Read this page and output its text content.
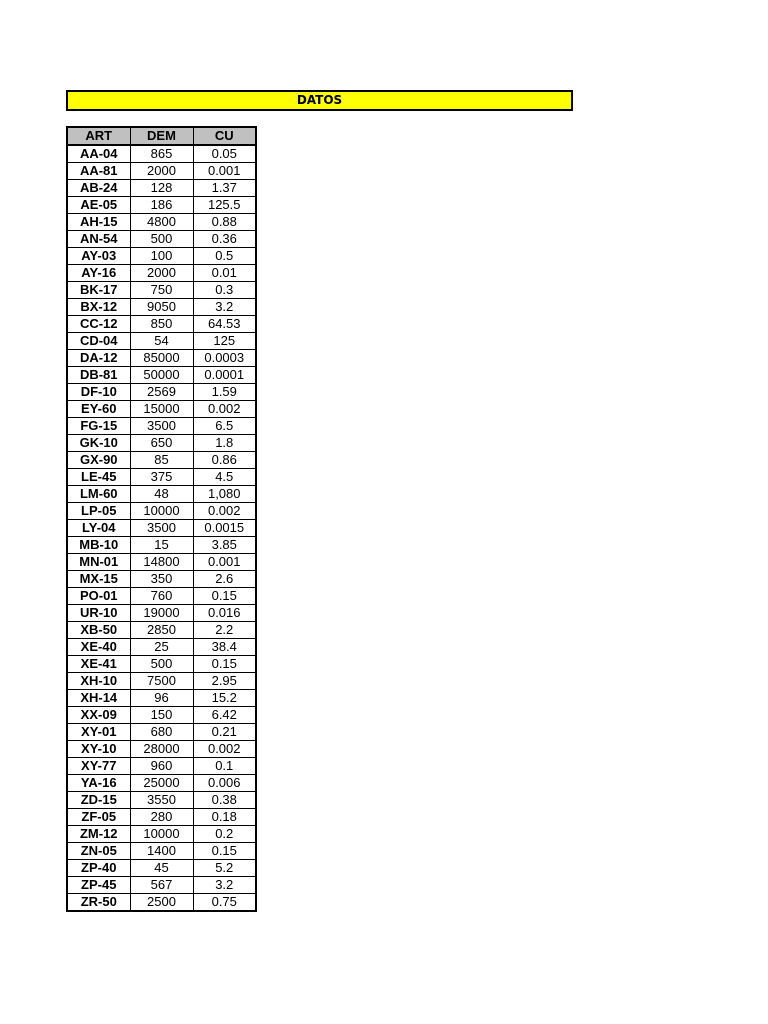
DATOS
ART	DEM	CU
AA-04	865	0.05
AA-81	2000	0.001
AB-24	128	1.37
AE-05	186	125.5
AH-15	4800	0.88
AN-54	500	0.36
AY-03	100	0.5
AY-16	2000	0.01
BK-17	750	0.3
BX-12	9050	3.2
CC-12	850	64.53
CD-04	54	125
DA-12	85000	0.0003
DB-81	50000	0.0001
DF-10	2569	1.59
EY-60	15000	0.002
FG-15	3500	6.5
GK-10	650	1.8
GX-90	85	0.86
LE-45	375	4.5
LM-60	48	1,080
LP-05	10000	0.002
LY-04	3500	0.0015
MB-10	15	3.85
MN-01	14800	0.001
MX-15	350	2.6
PO-01	760	0.15
UR-10	19000	0.016
XB-50	2850	2.2
XE-40	25	38.4
XE-41	500	0.15
XH-10	7500	2.95
XH-14	96	15.2
XX-09	150	6.42
XY-01	680	0.21
XY-10	28000	0.002
XY-77	960	0.1
YA-16	25000	0.006
ZD-15	3550	0.38
ZF-05	280	0.18
ZM-12	10000	0.2
ZN-05	1400	0.15
ZP-40	45	5.2
ZP-45	567	3.2
ZR-50	2500	0.75
